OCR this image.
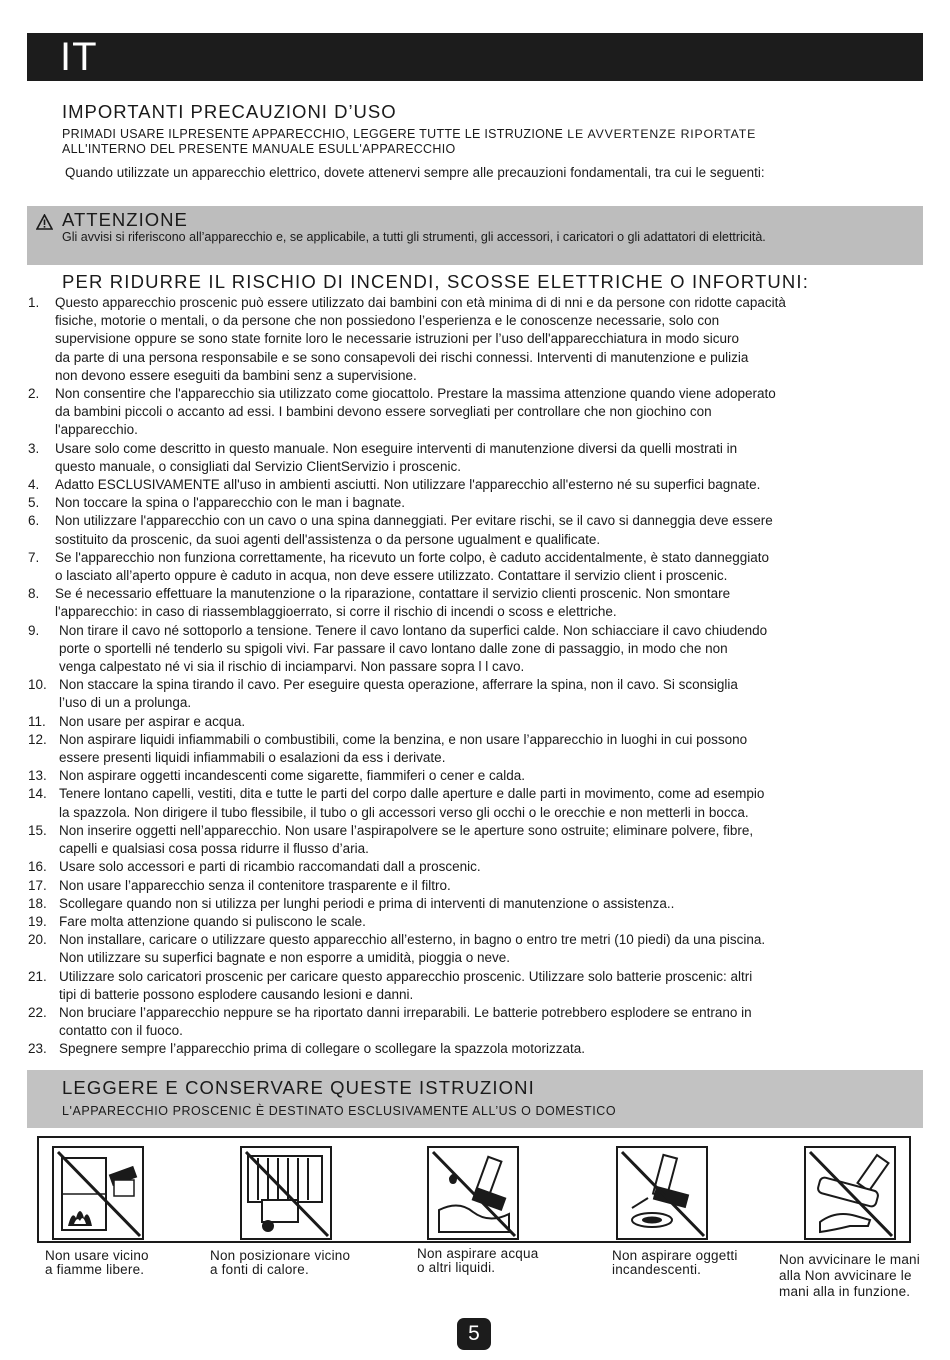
IT
IMPORTANTI PRECAUZIONI D’USO
PRIMADI USARE ILPRESENTE APPARECCHIO, LEGGERE TUTTE LE ISTRUZIONE LE AVVERTENZE RIPORTATE
ALL'INTERNO DEL PRESENTE MANUALE ESULL'APPARECCHIO
Quando utilizzate un apparecchio elettrico, dovete attenervi sempre alle precauzioni fondamentali, tra cui le seguenti:
ATTENZIONE
Gli avvisi si riferiscono all’apparecchio e, se applicabile, a tutti gli strumenti, gli accessori, i caricatori o gli adattatori di elettricità.
PER RIDURRE IL RISCHIO DI INCENDI, SCOSSE ELETTRICHE O INFORTUNI:
1. Questo apparecchio proscenic può essere utilizzato dai bambini con età minima di di nni e da persone con ridotte capacità
fisiche, motorie o mentali, o da persone che non possiedono l’esperienza e le conoscenze necessarie, solo con
supervisione oppure se sono state fornite loro le necessarie istruzioni per l’uso dell'apparecchiatura in modo sicuro
da parte di una persona responsabile e se sono consapevoli dei rischi connessi. Interventi di manutenzione e pulizia
non devono essere eseguiti da bambini senz a supervisione.
2. Non consentire che l'apparecchio sia utilizzato come giocattolo. Prestare la massima attenzione quando viene adoperato
da bambini piccoli o accanto ad essi. I bambini devono essere sorvegliati per controllare che non giochino con
l'apparecchio.
3. Usare solo come descritto in questo manuale. Non eseguire interventi di manutenzione diversi da quelli mostrati in
questo manuale, o consigliati dal Servizio ClientServizio i proscenic.
4. Adatto ESCLUSIVAMENTE all'uso in ambienti asciutti. Non utilizzare l'apparecchio all'esterno né su superfici bagnate.
5. Non toccare la spina o l'apparecchio con le man i bagnate.
6. Non utilizzare l'apparecchio con un cavo o una spina danneggiati. Per evitare rischi, se il cavo si danneggia deve essere
sostituito da proscenic, da suoi agenti dell'assistenza o da persone ugualment e qualificate.
7. Se l'apparecchio non funziona correttamente, ha ricevuto un forte colpo, è caduto accidentalmente, è stato danneggiato
o lasciato all’aperto oppure è caduto in acqua, non deve essere utilizzato. Contattare il servizio client i proscenic.
8. Se é necessario effettuare la manutenzione o la riparazione, contattare il servizio clienti proscenic. Non smontare
l'apparecchio: in caso di riassemblaggioerrato, si corre il rischio di incendi o scoss e elettriche.
9. Non tirare il cavo né sottoporlo a tensione. Tenere il cavo lontano da superfici calde. Non schiacciare il cavo chiudendo
porte o sportelli né tenderlo su spigoli vivi. Far passare il cavo lontano dalle zone di passaggio, in modo che non
venga calpestato né vi sia il rischio di inciamparvi. Non passare sopra l l cavo.
10. Non staccare la spina tirando il cavo. Per eseguire questa operazione, afferrare la spina, non il cavo. Si sconsiglia
l’uso di un a prolunga.
11. Non usare per aspirar e acqua.
12. Non aspirare liquidi infiammabili o combustibili, come la benzina, e non usare l’apparecchio in luoghi in cui possono
essere presenti liquidi infiammabili o esalazioni da ess i derivate.
13. Non aspirare oggetti incandescenti come sigarette, fiammiferi o cener e calda.
14. Tenere lontano capelli, vestiti, dita e tutte le parti del corpo dalle aperture e dalle parti in movimento, come ad esempio
la spazzola. Non dirigere il tubo flessibile, il tubo o gli accessori verso gli occhi o le orecchie e non metterli in bocca.
15. Non inserire oggetti nell’apparecchio. Non usare l’aspirapolvere se le aperture sono ostruite; eliminare polvere, fibre,
capelli e qualsiasi cosa possa ridurre il flusso d’aria.
16. Usare solo accessori e parti di ricambio raccomandati dall a proscenic.
17. Non usare l’apparecchio senza il contenitore trasparente e il filtro.
18. Scollegare quando non si utilizza per lunghi periodi e prima di interventi di manutenzione o assistenza..
19. Fare molta attenzione quando si puliscono le scale.
20. Non installare, caricare o utilizzare questo apparecchio all’esterno, in bagno o entro tre metri (10 piedi) da una piscina.
Non utilizzare su superfici bagnate e non esporre a umidità, pioggia o neve.
21. Utilizzare solo caricatori proscenic per caricare questo apparecchio proscenic. Utilizzare solo batterie proscenic: altri
tipi di batterie possono esplodere causando lesioni e danni.
22. Non bruciare l’apparecchio neppure se ha riportato danni irreparabili. Le batterie potrebbero esplodere se entrano in
contatto con il fuoco.
23. Spegnere sempre l’apparecchio prima di collegare o scollegare la spazzola motorizzata.
LEGGERE E CONSERVARE QUESTE ISTRUZIONI
L'APPARECCHIO PROSCENIC È DESTINATO ESCLUSIVAMENTE ALL’US O DOMESTICO
Non usare vicino
a fiamme libere.
Non posizionare vicino
a fonti di calore.
Non aspirare acqua
o altri liquidi.
Non aspirare oggetti
incandescenti.
Non avvicinare le mani
alla Non avvicinare le
mani alla in funzione.
5
